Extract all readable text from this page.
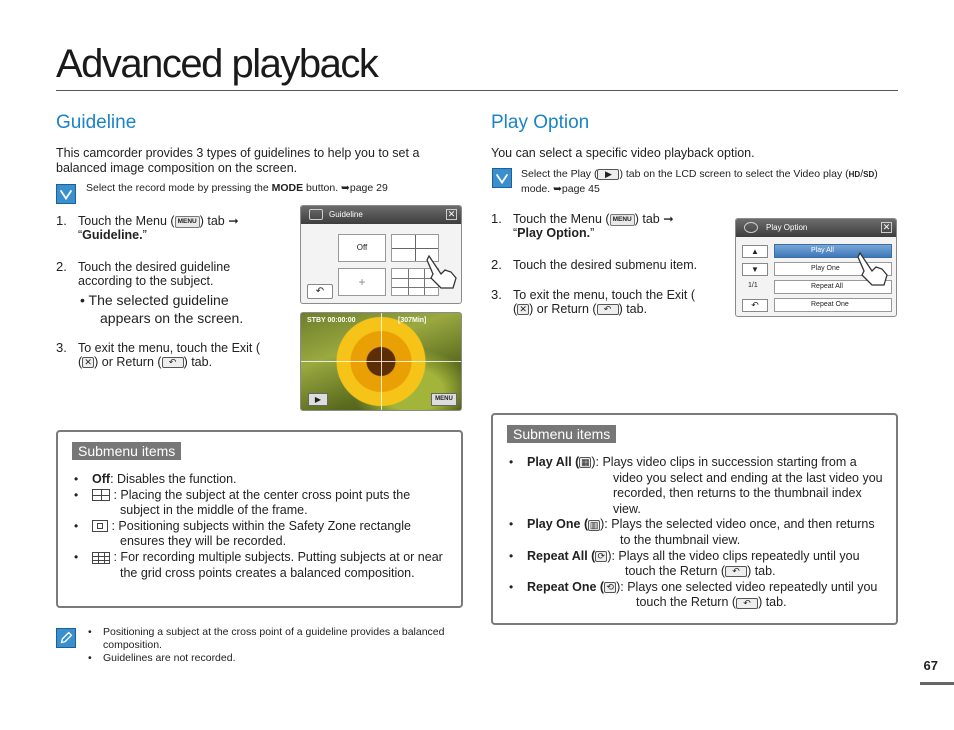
Advanced playback
Guideline
This camcorder provides 3 types of guidelines to help you to set a balanced image composition on the screen.
Select the record mode by pressing the MODE button. ➥page 29
1. Touch the Menu ( MENU ) tab ➞
“Guideline.”
2. Touch the desired guideline according to the subject.
• The selected guideline appears on the screen.
3. To exit the menu, touch the Exit (
( ✕ ) or Return ( ↶ ) tab.
Guideline	✕
Off
+
↶
STBY 00:00:00	[307Min]
▶	MENU
Submenu items
• Off: Disables the function.
•	: Placing the subject at the center cross point puts the subject in the middle of the frame.
•	: Positioning subjects within the Safety Zone rectangle ensures they will be recorded.
•	: For recording multiple subjects. Putting subjects at or near the grid cross points creates a balanced composition.
• Positioning a subject at the cross point of a guideline provides a balanced composition.
• Guidelines are not recorded.
Play Option
You can select a specific video playback option.
Select the Play ( ▶ ) tab on the LCD screen to select the Video play (HD/SD) mode. ➥page 45
1. Touch the Menu ( MENU ) tab ➞
“Play Option.”
2. Touch the desired submenu item.
3. To exit the menu, touch the Exit (
( ✕ ) or Return ( ↶ ) tab.
Play Option	✕
▲
▼
1/1
↶
Play All
Play One
Repeat All
Repeat One
Submenu items
• Play All ( ▦ ): Plays video clips in succession starting from a video you select and ending at the last video you recorded, then returns to the thumbnail index view.
• Play One ( ▥ ): Plays the selected video once, and then returns to the thumbnail view.
• Repeat All ( ⟳ ): Plays all the video clips repeatedly until you touch the Return ( ↶ ) tab.
• Repeat One ( ⟲ ): Plays one selected video repeatedly until you touch the Return ( ↶ ) tab.
67
